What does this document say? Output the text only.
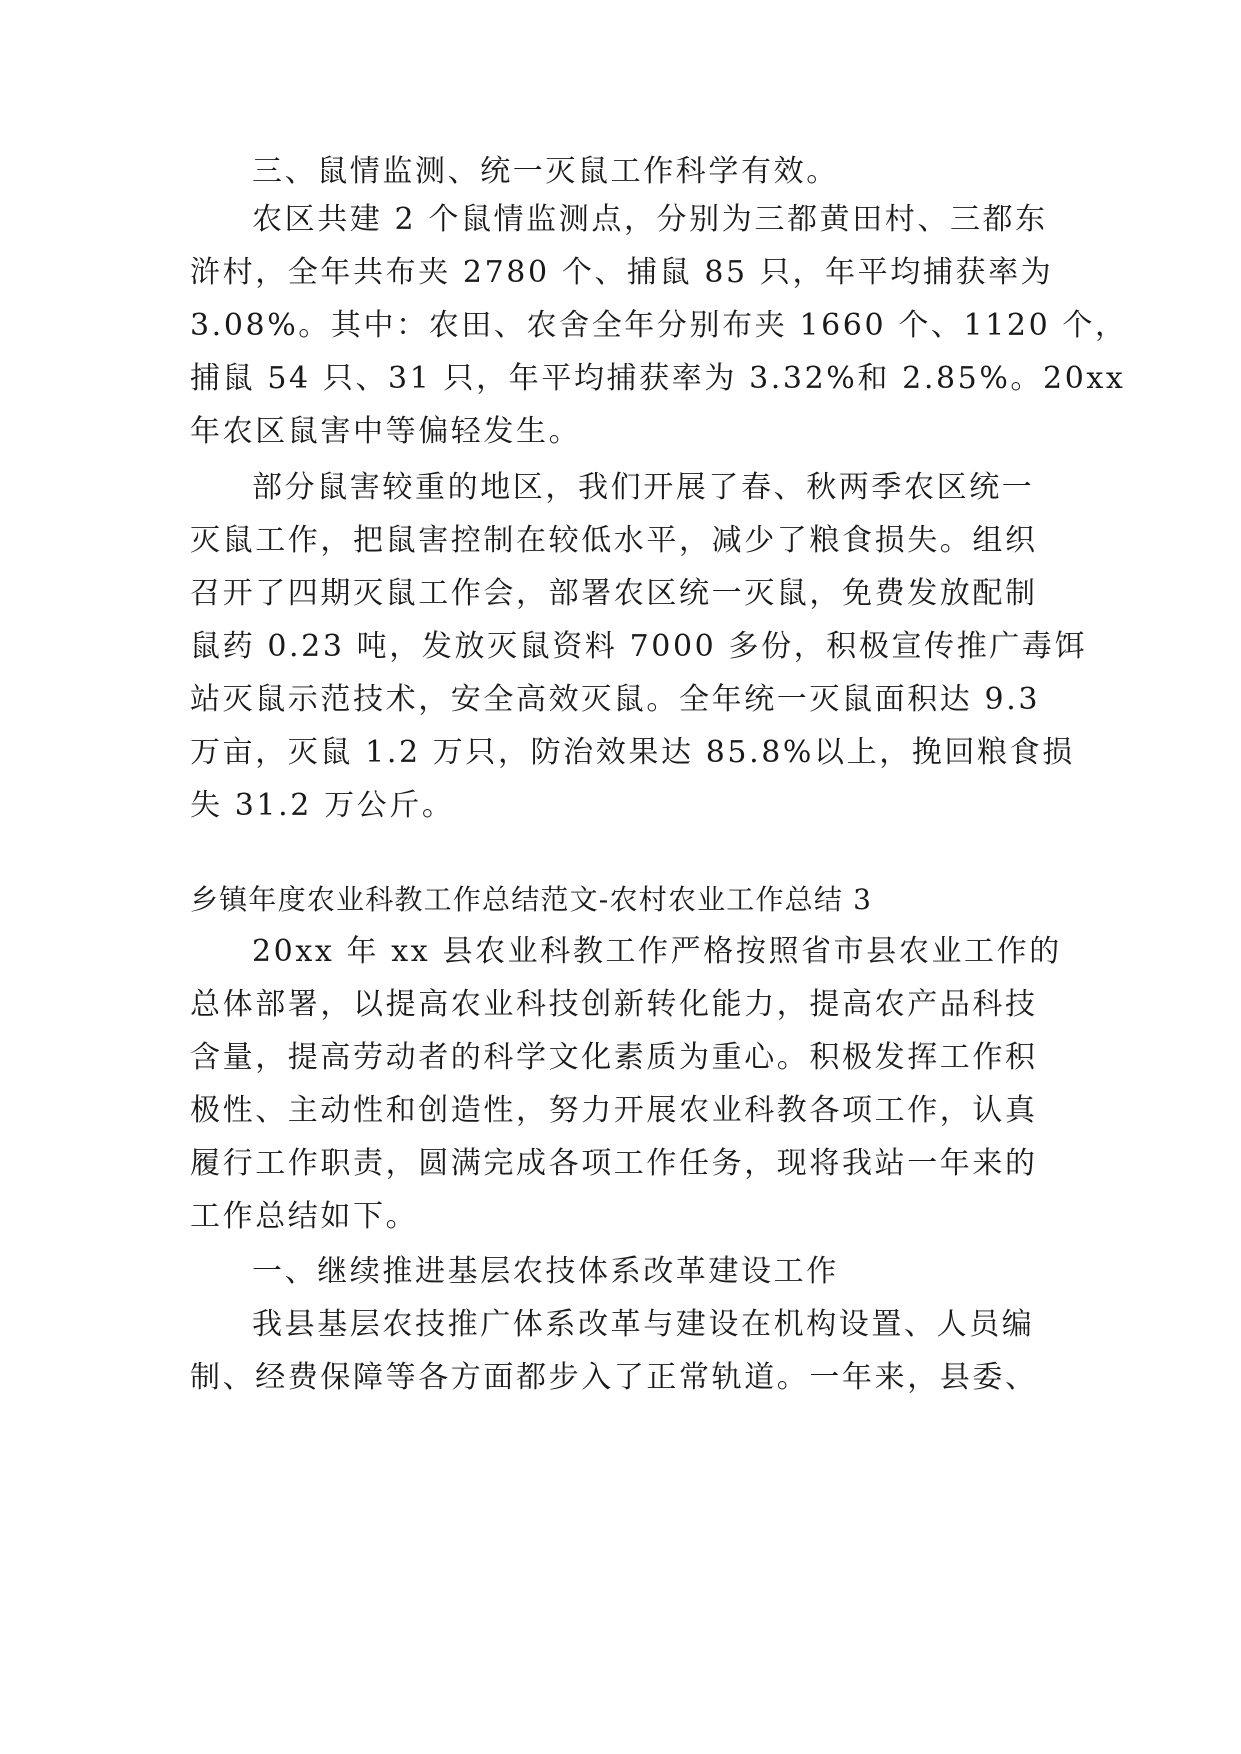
三、鼠情监测、统一灭鼠工作科学有效。

农区共建 2 个鼠情监测点，分别为三都黄田村、三都东

浒村，全年共布夹 2780 个、捕鼠 85 只，年平均捕获率为

3.08%。其中：农田、农舍全年分别布夹 1660 个、1120 个，

捕鼠 54 只、31 只，年平均捕获率为 3.32%和 2.85%。20xx

年农区鼠害中等偏轻发生。

部分鼠害较重的地区，我们开展了春、秋两季农区统一

灭鼠工作，把鼠害控制在较低水平，减少了粮食损失。组织

召开了四期灭鼠工作会，部署农区统一灭鼠，免费发放配制

鼠药 0.23 吨，发放灭鼠资料 7000 多份，积极宣传推广毒饵

站灭鼠示范技术，安全高效灭鼠。全年统一灭鼠面积达 9.3

万亩，灭鼠 1.2 万只，防治效果达 85.8%以上，挽回粮食损

失 31.2 万公斤。

乡镇年度农业科教工作总结范文-农村农业工作总结 3

20xx 年 xx 县农业科教工作严格按照省市县农业工作的

总体部署，以提高农业科技创新转化能力，提高农产品科技

含量，提高劳动者的科学文化素质为重心。积极发挥工作积

极性、主动性和创造性，努力开展农业科教各项工作，认真

履行工作职责，圆满完成各项工作任务，现将我站一年来的

工作总结如下。

一、继续推进基层农技体系改革建设工作

我县基层农技推广体系改革与建设在机构设置、人员编

制、经费保障等各方面都步入了正常轨道。一年来，县委、
